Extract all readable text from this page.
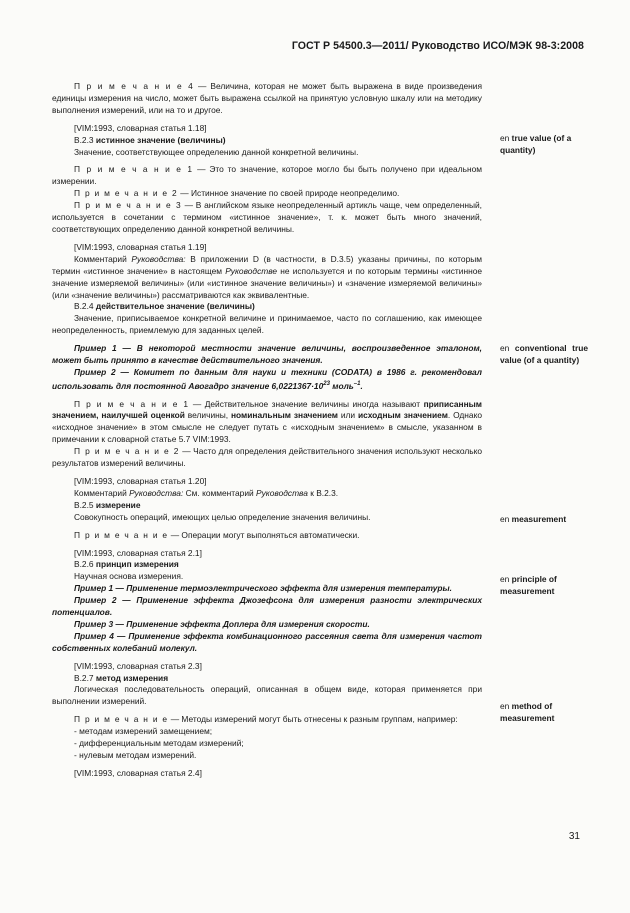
ГОСТ Р 54500.3—2011/ Руководство ИСО/МЭК 98-3:2008
П р и м е ч а н и е 4 — Величина, которая не может быть выражена в виде произведения единицы измерения на число, может быть выражена ссылкой на принятую условную шкалу или на методику выполнения измерений, или на то и другое.
[VIM:1993, словарная статья 1.18]
В.2.3 истинное значение (величины)
Значение, соответствующее определению данной конкретной величины.
П р и м е ч а н и е 1 — Это то значение, которое могло бы быть получено при идеальном измерении.
П р и м е ч а н и е 2 — Истинное значение по своей природе неопределимо.
П р и м е ч а н и е 3 — В английском языке неопределенный артикль чаще, чем определенный, используется в сочетании с термином «истинное значение», т. к. может быть много значений, соответствующих определению данной конкретной величины.
[VIM:1993, словарная статья 1.19]
Комментарий Руководства: В приложении D (в частности, в D.3.5) указаны причины, по которым термин «истинное значение» в настоящем Руководстве не используется и по которым термины «истинное значение измеряемой величины» (или «истинное значение величины») и «значение измеряемой величины» (или «значение величины») рассматриваются как эквивалентные.
В.2.4 действительное значение (величины)
Значение, приписываемое конкретной величине и принимаемое, часто по соглашению, как имеющее неопределенность, приемлемую для заданных целей.
Пример 1 — В некоторой местности значение величины, воспроизведенное эталоном, может быть принято в качестве действительного значения.
Пример 2 — Комитет по данным для науки и техники (CODATA) в 1986 г. рекомендовал использовать для постоянной Авогадро значение $6,0221367\cdot 10^{23}$ моль$^{-1}$.
П р и м е ч а н и е 1 — Действительное значение величины иногда называют приписанным значением, наилучшей оценкой величины, номинальным значением или исходным значением. Однако «исходное значение» в этом смысле не следует путать с «исходным значением» в смысле, указанном в примечании к словарной статье 5.7 VIM:1993.
П р и м е ч а н и е 2 — Часто для определения действительного значения используют несколько результатов измерений величины.
[VIM:1993, словарная статья 1.20]
Комментарий Руководства: См. комментарий Руководства к В.2.3.
В.2.5 измерение
Совокупность операций, имеющих целью определение значения величины.
П р и м е ч а н и е — Операции могут выполняться автоматически.
[VIM:1993, словарная статья 2.1]
В.2.6 принцип измерения
Научная основа измерения.
Пример 1 — Применение термоэлектрического эффекта для измерения температуры.
Пример 2 — Применение эффекта Джозефсона для измерения разности электрических потенциалов.
Пример 3 — Применение эффекта Доплера для измерения скорости.
Пример 4 — Применение эффекта комбинационного рассеяния света для измерения частот собственных колебаний молекул.
[VIM:1993, словарная статья 2.3]
В.2.7 метод измерения
Логическая последовательность операций, описанная в общем виде, которая применяется при выполнении измерений.
П р и м е ч а н и е — Методы измерений могут быть отнесены к разным группам, например:
- методам измерений замещением;
- дифференциальным методам измерений;
- нулевым методам измерений.
[VIM:1993, словарная статья 2.4]
en true value (of a quantity)
en conventional true value (of a quantity)
en measurement
en principle of measurement
en method of measurement
31
